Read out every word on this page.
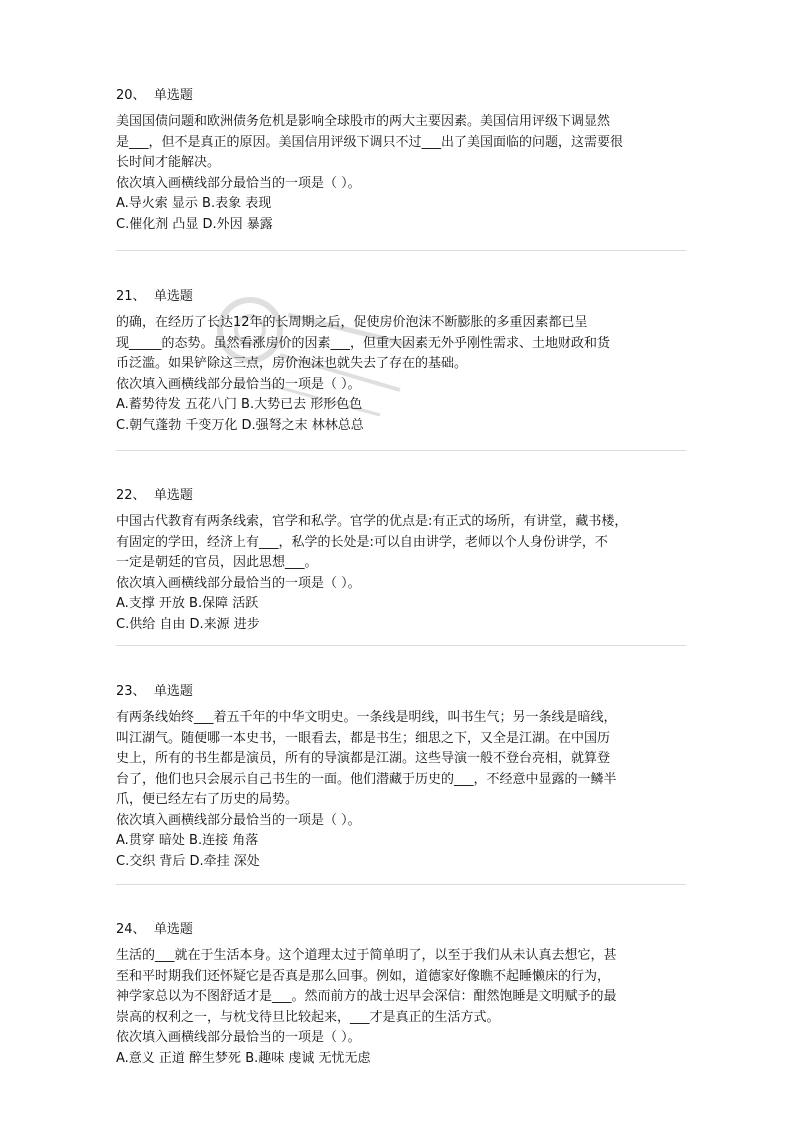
20、 单选题
美国国债问题和欧洲债务危机是影响全球股市的两大主要因素。美国信用评级下调显然
是___，但不是真正的原因。美国信用评级下调只不过___出了美国面临的问题，这需要很
长时间才能解决。
依次填入画横线部分最恰当的一项是（ ）。
A.导火索 显示 B.表象 表现
C.催化剂 凸显 D.外因 暴露
21、 单选题
的确，在经历了长达12年的长周期之后，促使房价泡沫不断膨胀的多重因素都已呈
现_____的态势。虽然看涨房价的因素___，但重大因素无外乎刚性需求、土地财政和货
币泛滥。如果铲除这三点，房价泡沫也就失去了存在的基础。
依次填入画横线部分最恰当的一项是（ ）。
A.蓄势待发 五花八门 B.大势已去 形形色色
C.朝气蓬勃 千变万化 D.强弩之末 林林总总
22、 单选题
中国古代教育有两条线索，官学和私学。官学的优点是:有正式的场所，有讲堂，藏书楼，
有固定的学田，经济上有___，私学的长处是:可以自由讲学，老师以个人身份讲学，不
一定是朝廷的官员，因此思想___。
依次填入画横线部分最恰当的一项是（ ）。
A.支撑 开放 B.保障 活跃
C.供给 自由 D.来源 进步
23、 单选题
有两条线始终___着五千年的中华文明史。一条线是明线，叫书生气；另一条线是暗线，
叫江湖气。随便哪一本史书，一眼看去，都是书生；细思之下，又全是江湖。在中国历
史上，所有的书生都是演员，所有的导演都是江湖。这些导演一般不登台亮相，就算登
台了，他们也只会展示自己书生的一面。他们潜藏于历史的___，不经意中显露的一鳞半
爪，便已经左右了历史的局势。
依次填入画横线部分最恰当的一项是（ ）。
A.贯穿 暗处 B.连接 角落
C.交织 背后 D.牵挂 深处
24、 单选题
生活的___就在于生活本身。这个道理太过于简单明了，以至于我们从未认真去想它，甚
至和平时期我们还怀疑它是否真是那么回事。例如，道德家好像瞧不起睡懒床的行为，
神学家总以为不图舒适才是___。然而前方的战士迟早会深信：酣然饱睡是文明赋予的最
崇高的权利之一，与枕戈待旦比较起来，___才是真正的生活方式。
依次填入画横线部分最恰当的一项是（ ）。
A.意义 正道 醉生梦死 B.趣味 虔诚 无忧无虑
